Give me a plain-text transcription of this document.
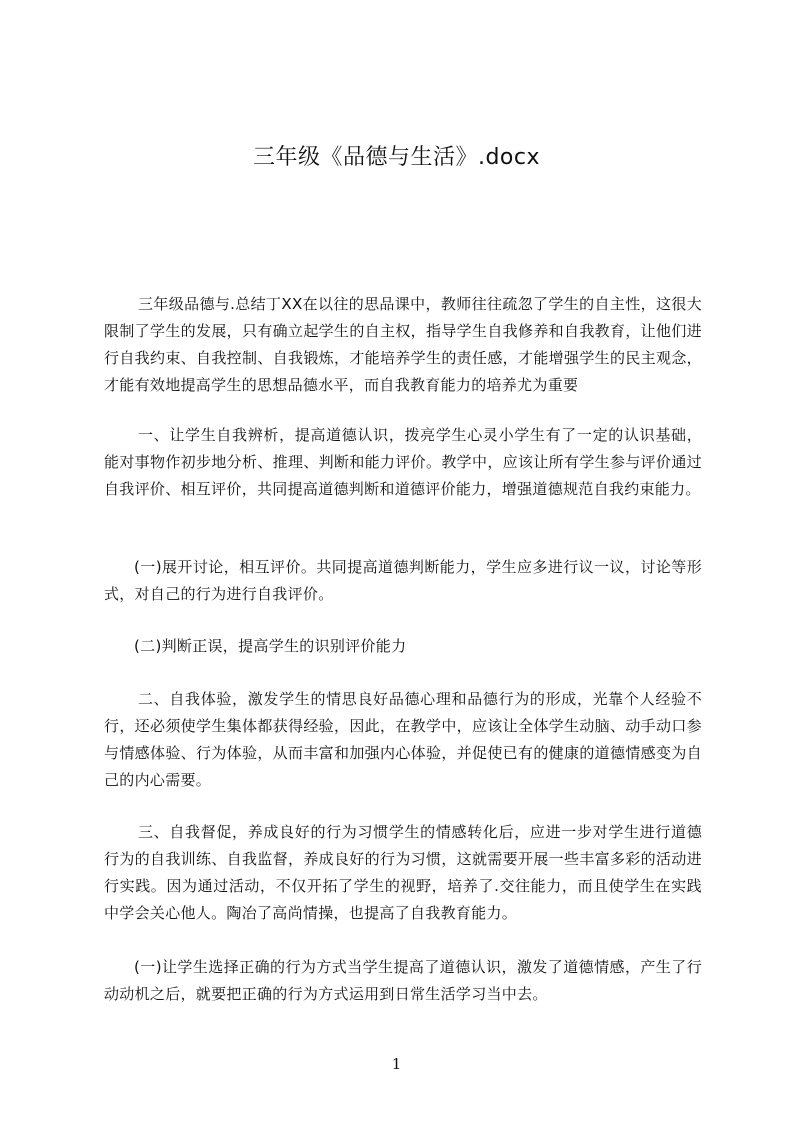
三年级《品德与生活》.docx

三年级品德与.总结丁XX在以往的思品课中，教师往往疏忽了学生的自主性，这很大限制了学生的发展，只有确立起学生的自主权，指导学生自我修养和自我教育，让他们进行自我约束、自我控制、自我锻炼，才能培养学生的责任感，才能增强学生的民主观念，才能有效地提高学生的思想品德水平，而自我教育能力的培养尤为重要

一、让学生自我辨析，提高道德认识，拨亮学生心灵小学生有了一定的认识基础，能对事物作初步地分析、推理、判断和能力评价。教学中，应该让所有学生参与评价通过自我评价、相互评价，共同提高道德判断和道德评价能力，增强道德规范自我约束能力。

(一)展开讨论，相互评价。共同提高道德判断能力，学生应多进行议一议，讨论等形式，对自己的行为进行自我评价。

(二)判断正误，提高学生的识别评价能力

二、自我体验，激发学生的情思良好品德心理和品德行为的形成，光靠个人经验不行，还必须使学生集体都获得经验，因此，在教学中，应该让全体学生动脑、动手动口参与情感体验、行为体验，从而丰富和加强内心体验，并促使已有的健康的道德情感变为自己的内心需要。

三、自我督促，养成良好的行为习惯学生的情感转化后，应进一步对学生进行道德行为的自我训练、自我监督，养成良好的行为习惯，这就需要开展一些丰富多彩的活动进行实践。因为通过活动，不仅开拓了学生的视野，培养了.交往能力，而且使学生在实践中学会关心他人。陶冶了高尚情操，也提高了自我教育能力。

(一)让学生选择正确的行为方式当学生提高了道德认识，激发了道德情感，产生了行动动机之后，就要把正确的行为方式运用到日常生活学习当中去。

1
